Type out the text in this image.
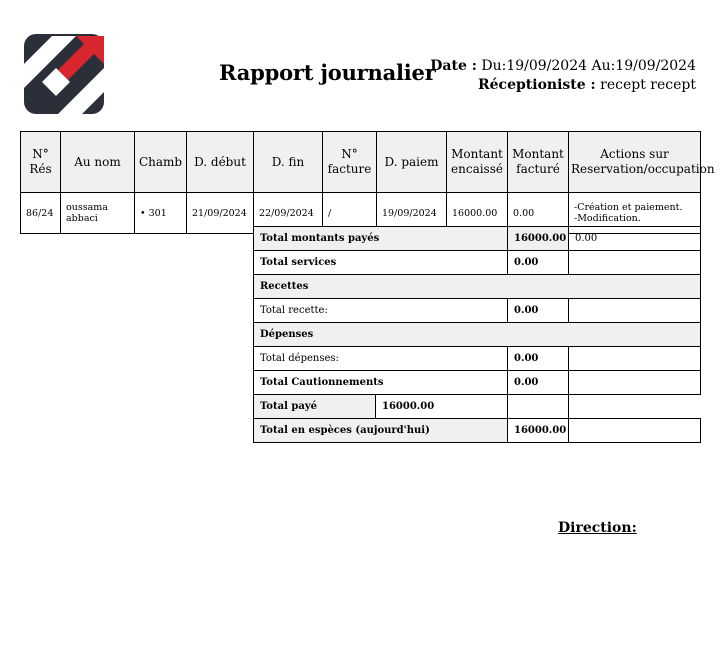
Rapport journalier
Date : Du:19/09/2024 Au:19/09/2024
Réceptioniste : recept recept
N° Rés	Au nom	Chamb	D. début	D. fin	N° facture	D. paiem	Montant encaissé	Montant facturé	Actions sur Reservation/occupation
86/24	oussama abbaci	• 301	21/09/2024	22/09/2024	/	19/09/2024	16000.00	0.00	-Création et paiement.
-Modification.
Total montants payés		16000.00	0.00
Total services		0.00	
Recettes			
Total recette:		0.00	
Dépenses			
Total dépenses:		0.00	
Total Cautionnements		0.00	
Total payé	16000.00		
Total en espèces (aujourd'hui)		16000.00	
Direction:
